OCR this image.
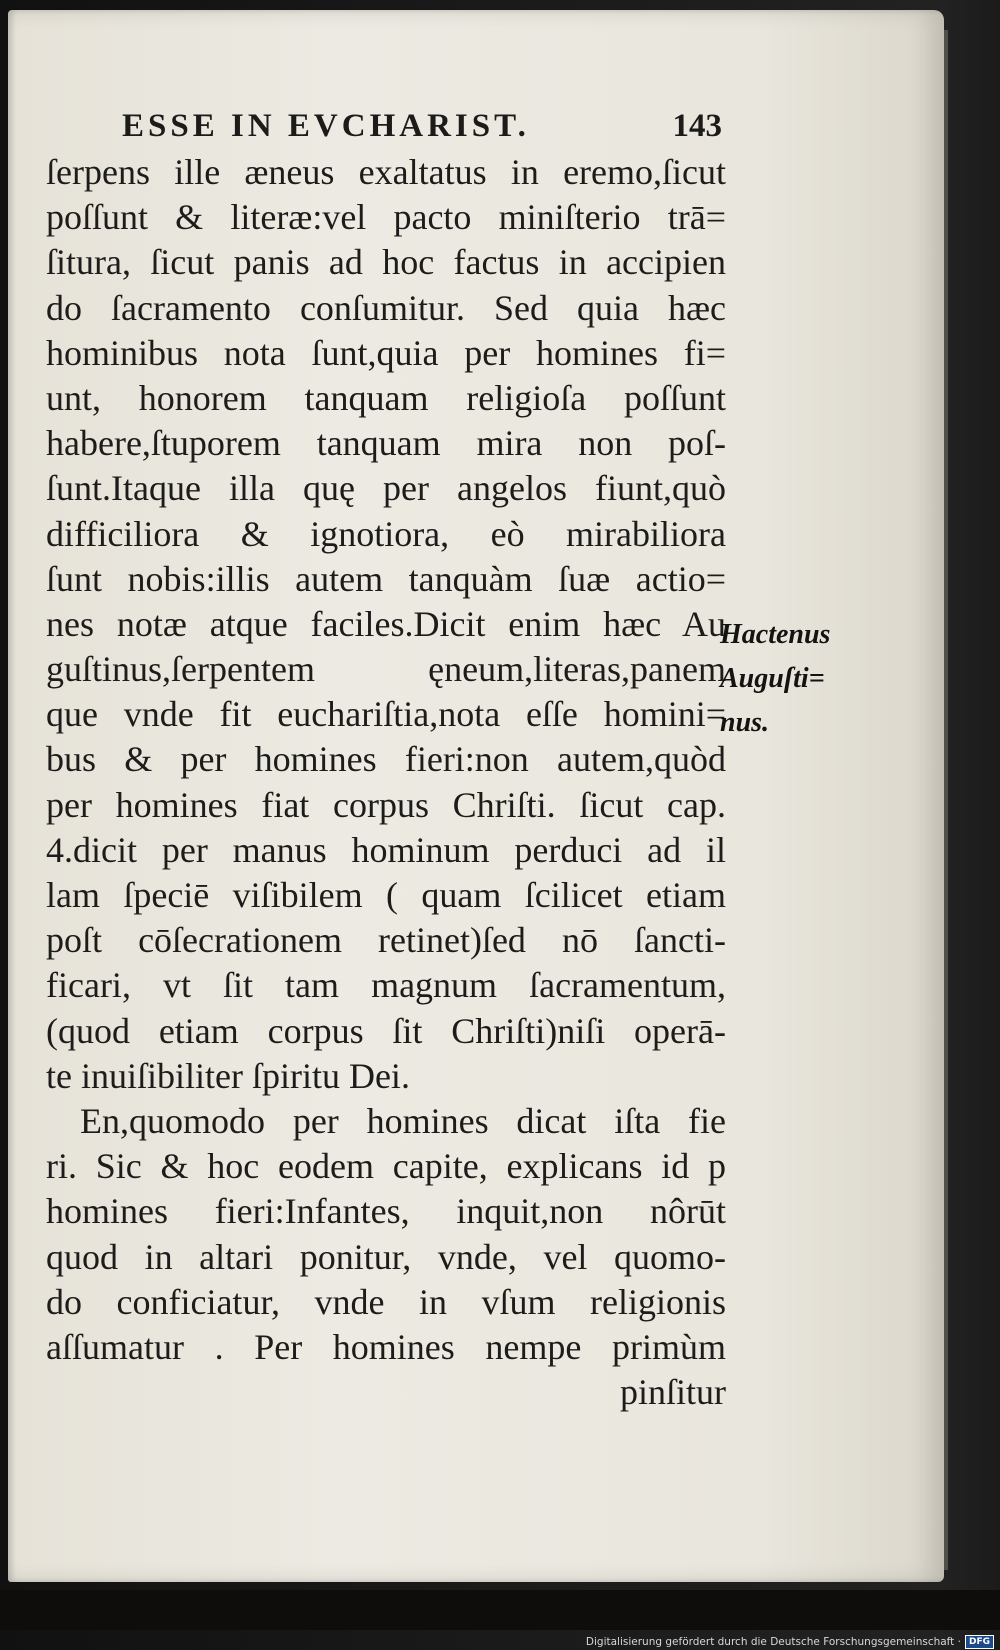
ESSE IN EVCHARIST.	143
ſerpens ille æneus exaltatus in eremo,ſicut
poſſunt & literæ:vel pacto miniſterio trā=
ſitura, ſicut panis ad hoc factus in accipien
do ſacramento conſumitur. Sed quia hæc
hominibus nota ſunt,quia per homines fi=
unt, honorem tanquam religioſa poſſunt
habere,ſtuporem tanquam mira non poſ-
ſunt.Itaque illa quę per angelos fiunt,quò
difficiliora & ignotiora, eò mirabiliora
ſunt nobis:illis autem tanquàm ſuæ actio=
nes notæ atque faciles.Dicit enim hæc Au
guſtinus,ſerpentem ęneum,literas,panem
que vnde fit euchariſtia,nota eſſe homini=
bus & per homines fieri:non autem,quòd
per homines fiat corpus Chriſti. ſicut cap.
4.dicit per manus hominum perduci ad il
lam ſpeciē viſibilem ( quam ſcilicet etiam
poſt cōſecrationem retinet)ſed nō ſancti-
ficari, vt ſit tam magnum ſacramentum,
(quod etiam corpus ſit Chriſti)niſi operā-
te inuiſibiliter ſpiritu Dei.
En,quomodo per homines dicat iſta fie
ri. Sic & hoc eodem capite, explicans id p
homines fieri:Infantes, inquit,non nôrūt
quod in altari ponitur, vnde, vel quomo-
do conficiatur, vnde in vſum religionis
aſſumatur . Per homines nempe primùm
pinſitur
Hactenus
Auguſti=
nus.
Digitalisierung gefördert durch die Deutsche Forschungsgemeinschaft · DFG
